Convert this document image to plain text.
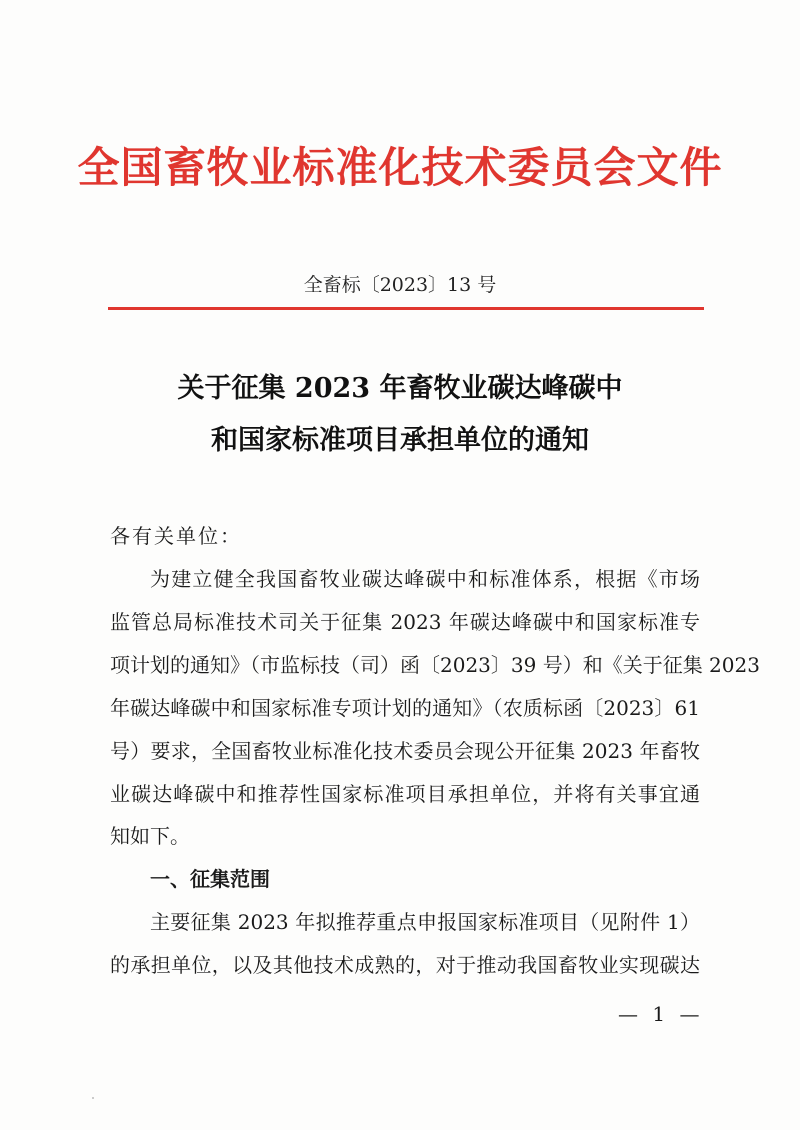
全国畜牧业标准化技术委员会文件
全畜标〔2023〕13 号
关于征集 2023 年畜牧业碳达峰碳中
和国家标准项目承担单位的通知
各有关单位：
为建立健全我国畜牧业碳达峰碳中和标准体系，根据《市场
监管总局标准技术司关于征集 2023 年碳达峰碳中和国家标准专
项计划的通知》（市监标技（司）函〔2023〕39 号）和《关于征集 2023
年碳达峰碳中和国家标准专项计划的通知》（农质标函〔2023〕61
号）要求，全国畜牧业标准化技术委员会现公开征集 2023 年畜牧
业碳达峰碳中和推荐性国家标准项目承担单位，并将有关事宜通
知如下。
一、征集范围
主要征集 2023 年拟推荐重点申报国家标准项目（见附件 1）
的承担单位，以及其他技术成熟的，对于推动我国畜牧业实现碳达
— 1 —
